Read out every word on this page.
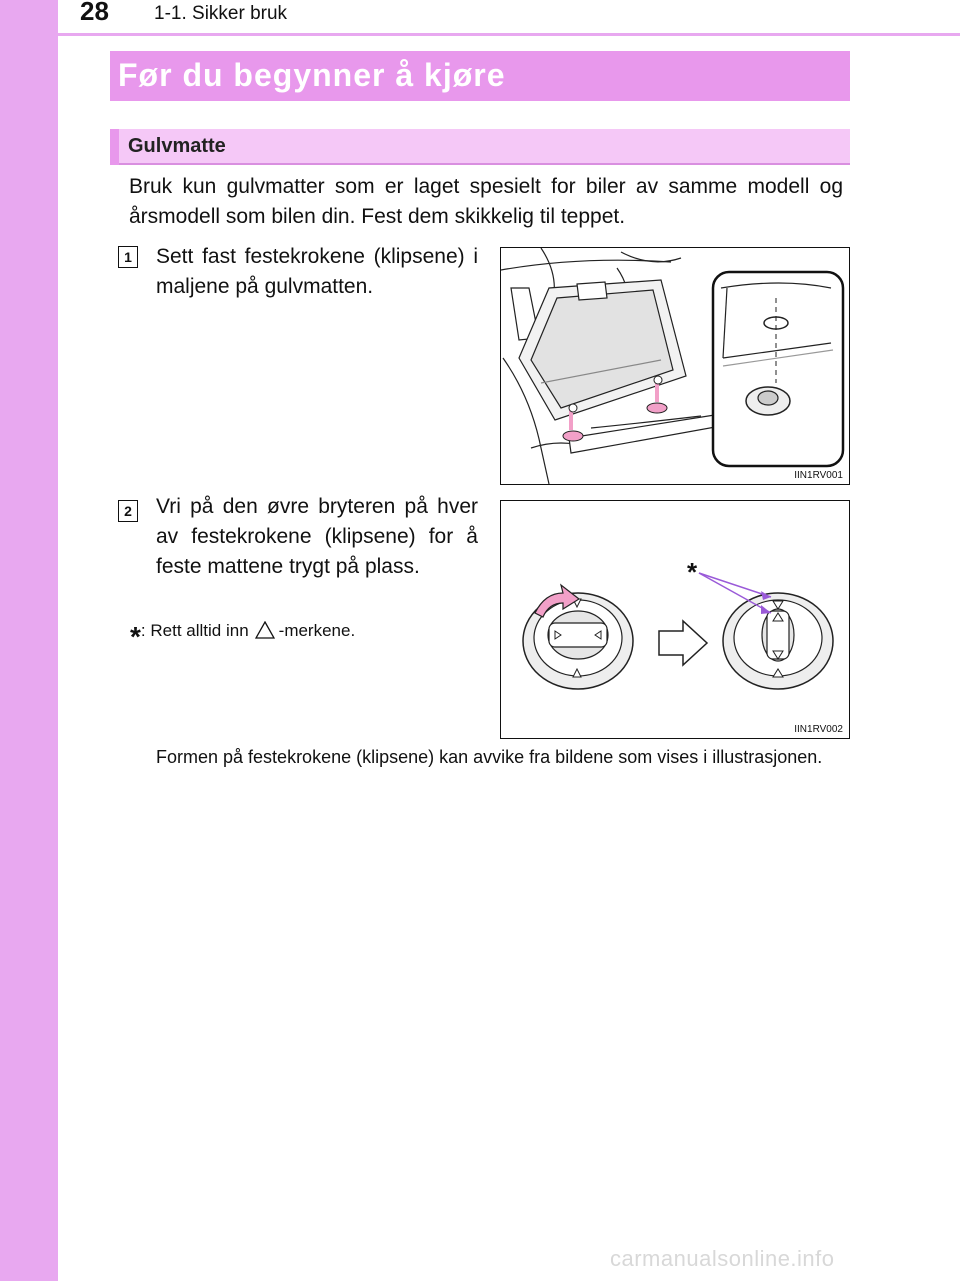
28 1-1. Sikker bruk
Før du begynner å kjøre
Gulvmatte

Bruk kun gulvmatter som er laget spesielt for biler av samme modell og årsmodell som bilen din. Fest dem skikkelig til teppet.

1 Sett fast festekrokene (klipsene) i maljene på gulvmatten.

IIN1RV001
2 Vri på den øvre bryteren på hver av festekrokene (klipsene) for å feste mattene trygt på plass.

*: Rett alltid inn -merkene.
*
IIN1RV002

Formen på festekrokene (klipsene) kan avvike fra bildene som vises i illustrasjonen.

carmanualsonline.info
